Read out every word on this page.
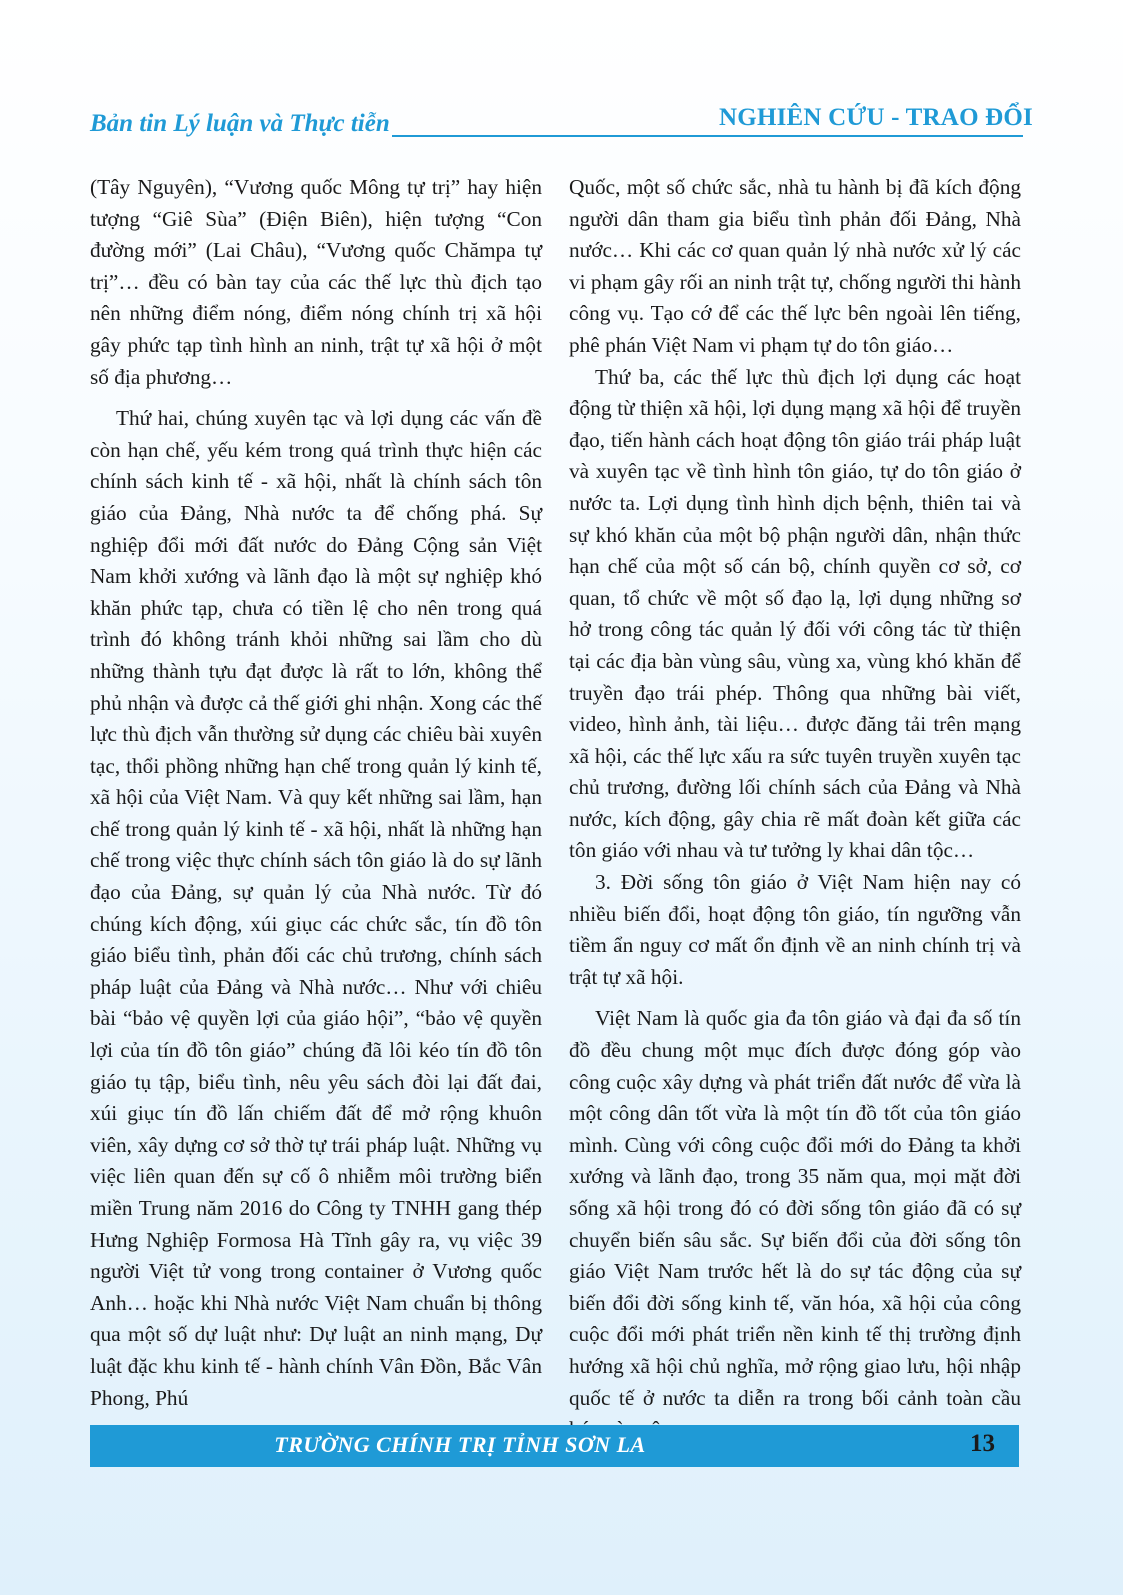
Bản tin Lý luận và Thực tiễn	NGHIÊN CỨU - TRAO ĐỔI

(Tây Nguyên), “Vương quốc Mông tự trị” hay hiện tượng “Giê Sùa” (Điện Biên), hiện tượng “Con đường mới” (Lai Châu), “Vương quốc Chămpa tự trị”… đều có bàn tay của các thế lực thù địch tạo nên những điểm nóng, điểm nóng chính trị xã hội gây phức tạp tình hình an ninh, trật tự xã hội ở một số địa phương…

Thứ hai, chúng xuyên tạc và lợi dụng các vấn đề còn hạn chế, yếu kém trong quá trình thực hiện các chính sách kinh tế - xã hội, nhất là chính sách tôn giáo của Đảng, Nhà nước ta để chống phá. Sự nghiệp đổi mới đất nước do Đảng Cộng sản Việt Nam khởi xướng và lãnh đạo là một sự nghiệp khó khăn phức tạp, chưa có tiền lệ cho nên trong quá trình đó không tránh khỏi những sai lầm cho dù những thành tựu đạt được là rất to lớn, không thể phủ nhận và được cả thế giới ghi nhận. Xong các thế lực thù địch vẫn thường sử dụng các chiêu bài xuyên tạc, thổi phồng những hạn chế trong quản lý kinh tế, xã hội của Việt Nam. Và quy kết những sai lầm, hạn chế trong quản lý kinh tế - xã hội, nhất là những hạn chế trong việc thực chính sách tôn giáo là do sự lãnh đạo của Đảng, sự quản lý của Nhà nước. Từ đó chúng kích động, xúi giục các chức sắc, tín đồ tôn giáo biểu tình, phản đối các chủ trương, chính sách pháp luật của Đảng và Nhà nước… Như với chiêu bài “bảo vệ quyền lợi của giáo hội”, “bảo vệ quyền lợi của tín đồ tôn giáo” chúng đã lôi kéo tín đồ tôn giáo tụ tập, biểu tình, nêu yêu sách đòi lại đất đai, xúi giục tín đồ lấn chiếm đất để mở rộng khuôn viên, xây dựng cơ sở thờ tự trái pháp luật. Những vụ việc liên quan đến sự cố ô nhiễm môi trường biển miền Trung năm 2016 do Công ty TNHH gang thép Hưng Nghiệp Formosa Hà Tĩnh gây ra, vụ việc 39 người Việt tử vong trong container ở Vương quốc Anh… hoặc khi Nhà nước Việt Nam chuẩn bị thông qua một số dự luật như: Dự luật an ninh mạng, Dự luật đặc khu kinh tế - hành chính Vân Đồn, Bắc Vân Phong, Phú

Quốc, một số chức sắc, nhà tu hành bị đã kích động người dân tham gia biểu tình phản đối Đảng, Nhà nước… Khi các cơ quan quản lý nhà nước xử lý các vi phạm gây rối an ninh trật tự, chống người thi hành công vụ. Tạo cớ để các thế lực bên ngoài lên tiếng, phê phán Việt Nam vi phạm tự do tôn giáo…

Thứ ba, các thế lực thù địch lợi dụng các hoạt động từ thiện xã hội, lợi dụng mạng xã hội để truyền đạo, tiến hành cách hoạt động tôn giáo trái pháp luật và xuyên tạc về tình hình tôn giáo, tự do tôn giáo ở nước ta. Lợi dụng tình hình dịch bệnh, thiên tai và sự khó khăn của một bộ phận người dân, nhận thức hạn chế của một số cán bộ, chính quyền cơ sở, cơ quan, tổ chức về một số đạo lạ, lợi dụng những sơ hở trong công tác quản lý đối với công tác từ thiện tại các địa bàn vùng sâu, vùng xa, vùng khó khăn để truyền đạo trái phép. Thông qua những bài viết, video, hình ảnh, tài liệu… được đăng tải trên mạng xã hội, các thế lực xấu ra sức tuyên truyền xuyên tạc chủ trương, đường lối chính sách của Đảng và Nhà nước, kích động, gây chia rẽ mất đoàn kết giữa các tôn giáo với nhau và tư tưởng ly khai dân tộc…

3. Đời sống tôn giáo ở Việt Nam hiện nay có nhiều biến đổi, hoạt động tôn giáo, tín ngưỡng vẫn tiềm ẩn nguy cơ mất ổn định về an ninh chính trị và trật tự xã hội.

Việt Nam là quốc gia đa tôn giáo và đại đa số tín đồ đều chung một mục đích được đóng góp vào công cuộc xây dựng và phát triển đất nước để vừa là một công dân tốt vừa là một tín đồ tốt của tôn giáo mình. Cùng với công cuộc đổi mới do Đảng ta khởi xướng và lãnh đạo, trong 35 năm qua, mọi mặt đời sống xã hội trong đó có đời sống tôn giáo đã có sự chuyển biến sâu sắc. Sự biến đổi của đời sống tôn giáo Việt Nam trước hết là do sự tác động của sự biến đổi đời sống kinh tế, văn hóa, xã hội của công cuộc đổi mới phát triển nền kinh tế thị trường định hướng xã hội chủ nghĩa, mở rộng giao lưu, hội nhập quốc tế ở nước ta diễn ra trong bối cảnh toàn cầu

TRƯỜNG CHÍNH TRỊ TỈNH SƠN LA	13
